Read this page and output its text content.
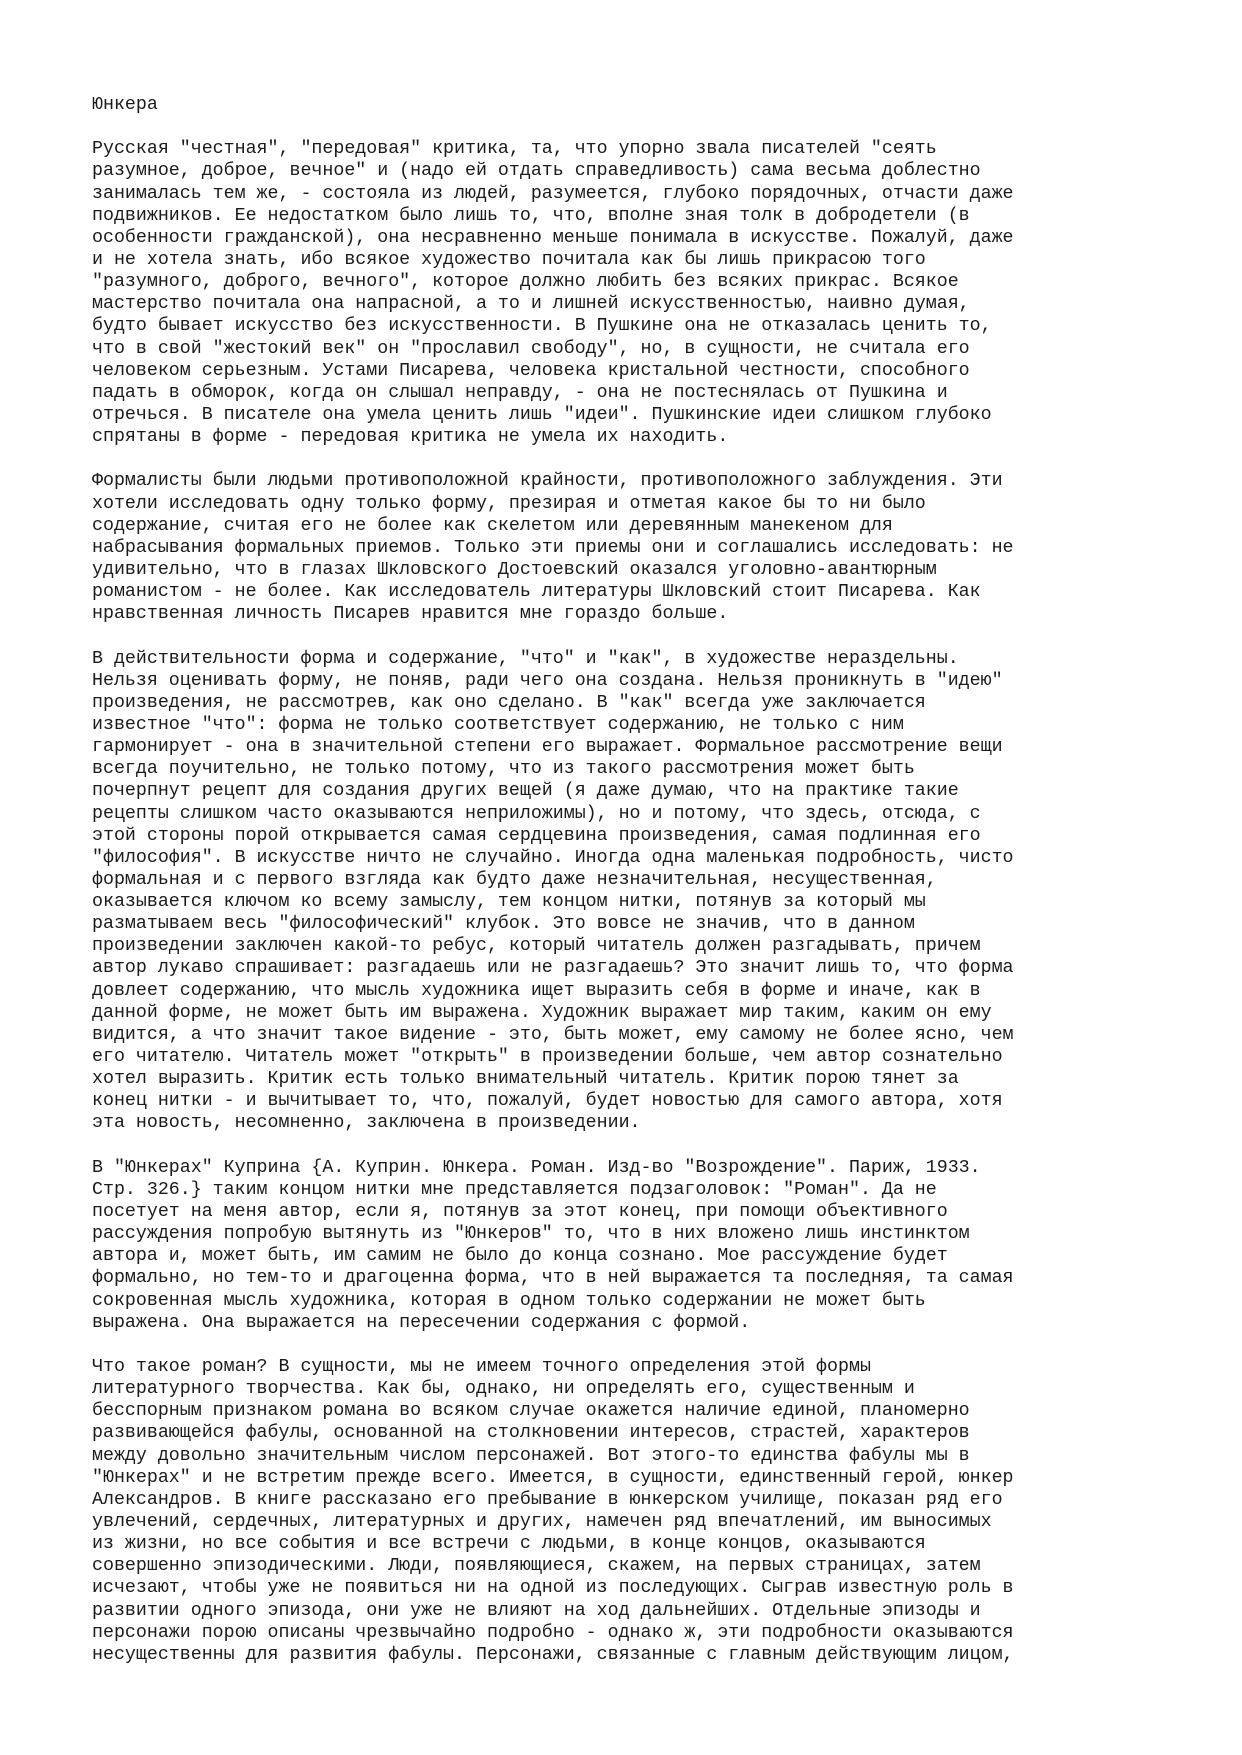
Юнкера
Русская "честная", "передовая" критика, та, что упорно звала писателей "сеять
разумное, доброе, вечное" и (надо ей отдать справедливость) сама весьма доблестно
занималась тем же, - состояла из людей, разумеется, глубоко порядочных, отчасти даже
подвижников. Ее недостатком было лишь то, что, вполне зная толк в добродетели (в
особенности гражданской), она несравненно меньше понимала в искусстве. Пожалуй, даже
и не хотела знать, ибо всякое художество почитала как бы лишь прикрасою того
"разумного, доброго, вечного", которое должно любить без всяких прикрас. Всякое
мастерство почитала она напрасной, а то и лишней искусственностью, наивно думая,
будто бывает искусство без искусственности. В Пушкине она не отказалась ценить то,
что в свой "жестокий век" он "прославил свободу", но, в сущности, не считала его
человеком серьезным. Устами Писарева, человека кристальной честности, способного
падать в обморок, когда он слышал неправду, - она не постеснялась от Пушкина и
отречься. В писателе она умела ценить лишь "идеи". Пушкинские идеи слишком глубоко
спрятаны в форме - передовая критика не умела их находить.
Формалисты были людьми противоположной крайности, противоположного заблуждения. Эти
хотели исследовать одну только форму, презирая и отметая какое бы то ни было
содержание, считая его не более как скелетом или деревянным манекеном для
набрасывания формальных приемов. Только эти приемы они и соглашались исследовать: не
удивительно, что в глазах Шкловского Достоевский оказался уголовно-авантюрным
романистом - не более. Как исследователь литературы Шкловский стоит Писарева. Как
нравственная личность Писарев нравится мне гораздо больше.
В действительности форма и содержание, "что" и "как", в художестве нераздельны.
Нельзя оценивать форму, не поняв, ради чего она создана. Нельзя проникнуть в "идею"
произведения, не рассмотрев, как оно сделано. В "как" всегда уже заключается
известное "что": форма не только соответствует содержанию, не только с ним
гармонирует - она в значительной степени его выражает. Формальное рассмотрение вещи
всегда поучительно, не только потому, что из такого рассмотрения может быть
почерпнут рецепт для создания других вещей (я даже думаю, что на практике такие
рецепты слишком часто оказываются неприложимы), но и потому, что здесь, отсюда, с
этой стороны порой открывается самая сердцевина произведения, самая подлинная его
"философия". В искусстве ничто не случайно. Иногда одна маленькая подробность, чисто
формальная и с первого взгляда как будто даже незначительная, несущественная,
оказывается ключом ко всему замыслу, тем концом нитки, потянув за который мы
разматываем весь "философический" клубок. Это вовсе не значив, что в данном
произведении заключен какой-то ребус, который читатель должен разгадывать, причем
автор лукаво спрашивает: разгадаешь или не разгадаешь? Это значит лишь то, что форма
довлеет содержанию, что мысль художника ищет выразить себя в форме и иначе, как в
данной форме, не может быть им выражена. Художник выражает мир таким, каким он ему
видится, а что значит такое видение - это, быть может, ему самому не более ясно, чем
его читателю. Читатель может "открыть" в произведении больше, чем автор сознательно
хотел выразить. Критик есть только внимательный читатель. Критик порою тянет за
конец нитки - и вычитывает то, что, пожалуй, будет новостью для самого автора, хотя
эта новость, несомненно, заключена в произведении.
В "Юнкерах" Куприна {А. Куприн. Юнкера. Роман. Изд-во "Возрождение". Париж, 1933.
Стр. 326.} таким концом нитки мне представляется подзаголовок: "Роман". Да не
посетует на меня автор, если я, потянув за этот конец, при помощи объективного
рассуждения попробую вытянуть из "Юнкеров" то, что в них вложено лишь инстинктом
автора и, может быть, им самим не было до конца сознано. Мое рассуждение будет
формально, но тем-то и драгоценна форма, что в ней выражается та последняя, та самая
сокровенная мысль художника, которая в одном только содержании не может быть
выражена. Она выражается на пересечении содержания с формой.
Что такое роман? В сущности, мы не имеем точного определения этой формы
литературного творчества. Как бы, однако, ни определять его, существенным и
бесспорным признаком романа во всяком случае окажется наличие единой, планомерно
развивающейся фабулы, основанной на столкновении интересов, страстей, характеров
между довольно значительным числом персонажей. Вот этого-то единства фабулы мы в
"Юнкерах" и не встретим прежде всего. Имеется, в сущности, единственный герой, юнкер
Александров. В книге рассказано его пребывание в юнкерском училище, показан ряд его
увлечений, сердечных, литературных и других, намечен ряд впечатлений, им выносимых
из жизни, но все события и все встречи с людьми, в конце концов, оказываются
совершенно эпизодическими. Люди, появляющиеся, скажем, на первых страницах, затем
исчезают, чтобы уже не появиться ни на одной из последующих. Сыграв известную роль в
развитии одного эпизода, они уже не влияют на ход дальнейших. Отдельные эпизоды и
персонажи порою описаны чрезвычайно подробно - однако ж, эти подробности оказываются
несущественны для развития фабулы. Персонажи, связанные с главным действующим лицом,
